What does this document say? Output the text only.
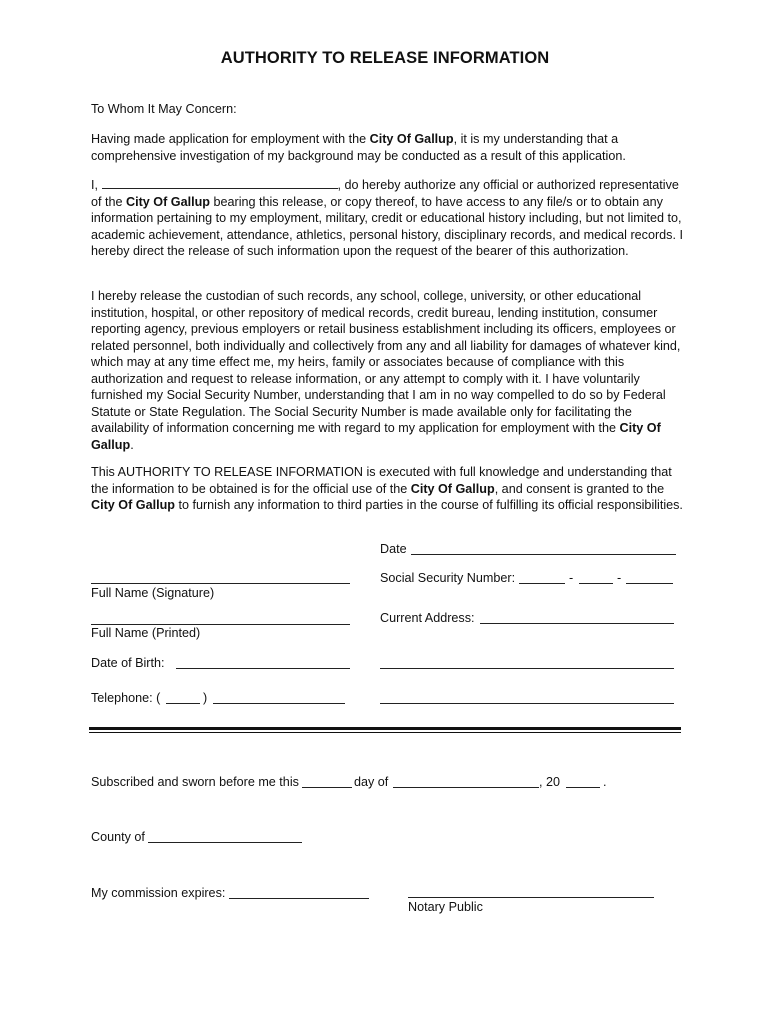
AUTHORITY TO RELEASE INFORMATION

To Whom It May Concern:

Having made application for employment with the City Of Gallup, it is my understanding that a comprehensive investigation of my background may be conducted as a result of this application.

I,	, do hereby authorize any official or authorized representative of the City Of Gallup bearing this release, or copy thereof, to have access to any file/s or to obtain any information pertaining to my employment, military, credit or educational history including, but not limited to, academic achievement, attendance, athletics, personal history, disciplinary records, and medical records. I hereby direct the release of such information upon the request of the bearer of this authorization.

I hereby release the custodian of such records, any school, college, university, or other educational institution, hospital, or other repository of medical records, credit bureau, lending institution, consumer reporting agency, previous employers or retail business establishment including its officers, employees or related personnel, both individually and collectively from any and all liability for damages of whatever kind, which may at any time effect me, my heirs, family or associates because of compliance with this authorization and request to release information, or any attempt to comply with it. I have voluntarily furnished my Social Security Number, understanding that I am in no way compelled to do so by Federal Statute or State Regulation. The Social Security Number is made available only for facilitating the availability of information concerning me with regard to my application for employment with the City Of Gallup.

This AUTHORITY TO RELEASE INFORMATION is executed with full knowledge and understanding that the information to be obtained is for the official use of the City Of Gallup, and consent is granted to the City Of Gallup to furnish any information to third parties in the course of fulfilling its official responsibilities.

Date
Full Name (Signature)
Social Security Number:	-	-
Full Name (Printed)
Current Address:
Date of Birth:
Telephone: (	)
Subscribed and sworn before me this	day of	, 20	.
County of
My commission expires:
Notary Public
